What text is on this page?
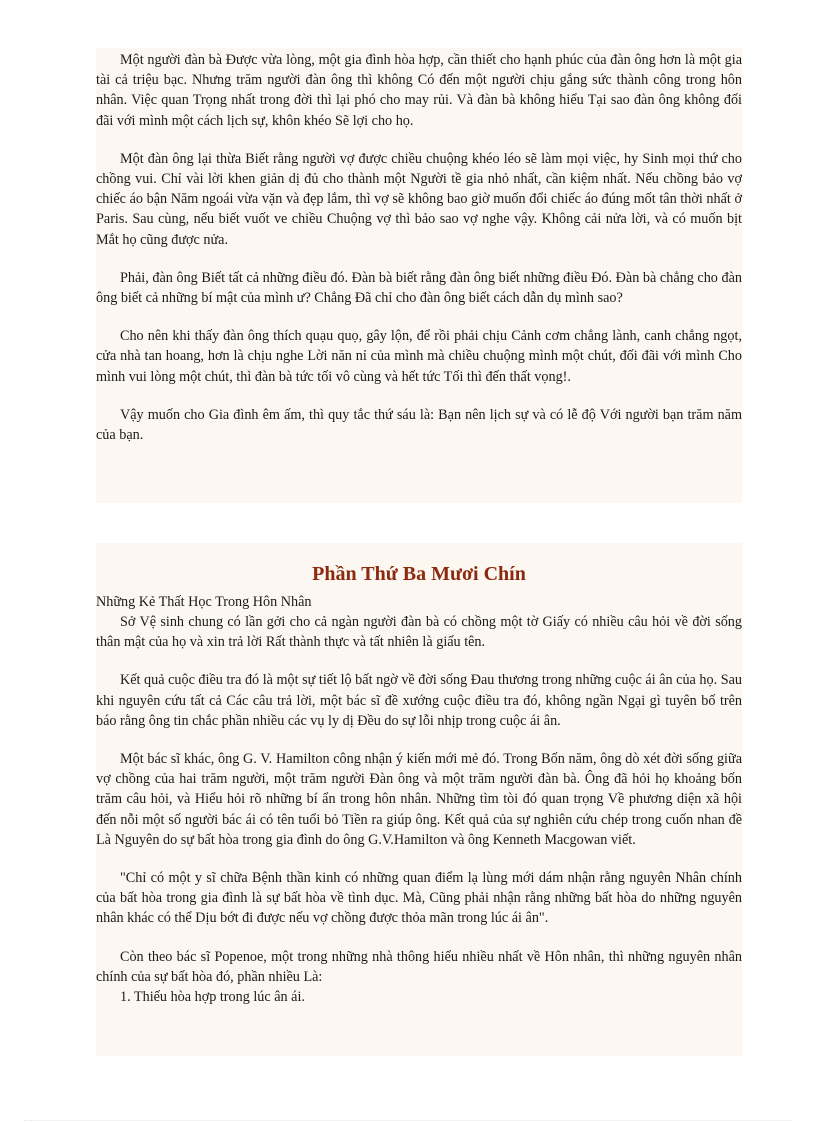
Một người đàn bà Được vừa lòng, một gia đình hòa hợp, cần thiết cho hạnh phúc của đàn ông hơn là một gia tài cả triệu bạc. Nhưng trăm người đàn ông thì không Có đến một người chịu gắng sức thành công trong hôn nhân. Việc quan Trọng nhất trong đời thì lại phó cho may rủi. Và đàn bà không hiểu Tại sao đàn ông không đối đãi với mình một cách lịch sự, khôn khéo Sẽ lợi cho họ.

Một đàn ông lại thừa Biết rằng người vợ được chiều chuộng khéo léo sẽ làm mọi việc, hy Sinh mọi thứ cho chồng vui. Chỉ vài lời khen giản dị đủ cho thành một Người tề gia nhỏ nhất, cần kiệm nhất. Nếu chồng bảo vợ chiếc áo bận Năm ngoái vừa vặn và đẹp lắm, thì vợ sẽ không bao giờ muốn đổi chiếc áo đúng mốt tân thời nhất ở Paris. Sau cùng, nếu biết vuốt ve chiều Chuộng vợ thì bảo sao vợ nghe vậy. Không cải nửa lời, và có muốn bịt Mắt họ cũng được nửa.

Phải, đàn ông Biết tất cả những điều đó. Đàn bà biết rằng đàn ông biết những điều Đó. Đàn bà chẳng cho đàn ông biết cả những bí mật của mình ư? Chẳng Đã chỉ cho đàn ông biết cách dẫn dụ mình sao?

Cho nên khi thấy đàn ông thích quạu quọ, gây lộn, để rồi phải chịu Cảnh cơm chẳng lành, canh chẳng ngọt, cửa nhà tan hoang, hơn là chịu nghe Lời năn nỉ của mình mà chiều chuộng mình một chút, đối đãi với mình Cho mình vui lòng một chút, thì đàn bà tức tối vô cùng và hết tức Tối thì đến thất vọng!.

Vậy muốn cho Gia đình êm ấm, thì quy tắc thứ sáu là: Bạn nên lịch sự và có lễ độ Với người bạn trăm năm của bạn.

Phần Thứ Ba Mươi Chín

Những Kẻ Thất Học Trong Hôn Nhân

Sở Vệ sinh chung có lần gởi cho cả ngàn người đàn bà có chồng một tờ Giấy có nhiều câu hỏi về đời sống thân mật của họ và xin trả lời Rất thành thực và tất nhiên là giấu tên.

Kết quả cuộc điều tra đó là một sự tiết lộ bất ngờ về đời sống Đau thương trong những cuộc ái ân của họ. Sau khi nguyên cứu tất cả Các câu trả lời, một bác sĩ đề xướng cuộc điều tra đó, không ngần Ngại gì tuyên bố trên báo rằng ông tin chắc phần nhiều các vụ ly dị Đều do sự lỗi nhịp trong cuộc ái ân.

Một bác sĩ khác, ông G. V. Hamilton công nhận ý kiến mới mẻ đó. Trong Bốn năm, ông dò xét đời sống giữa vợ chồng của hai trăm người, một trăm người Đàn ông và một trăm người đàn bà. Ông đã hỏi họ khoảng bốn trăm câu hỏi, và Hiểu hỏi rõ những bí ẩn trong hôn nhân. Những tìm tòi đó quan trọng Về phương diện xã hội đến nỗi một số người bác ái có tên tuổi bỏ Tiền ra giúp ông. Kết quả của sự nghiên cứu chép trong cuốn nhan đề Là Nguyên do sự bất hòa trong gia đình do ông G.V.Hamilton và ông Kenneth Macgowan viết.

"Chỉ có một y sĩ chữa Bệnh thần kinh có những quan điểm lạ lùng mới dám nhận rằng nguyên Nhân chính của bất hòa trong gia đình là sự bất hòa về tình dục. Mà, Cũng phải nhận rằng những bất hòa do những nguyên nhân khác có thể Dịu bớt đi được nếu vợ chồng được thỏa mãn trong lúc ái ân".

Còn theo bác sĩ Popenoe, một trong những nhà thông hiểu nhiều nhất về Hôn nhân, thì những nguyên nhân chính của sự bất hòa đó, phần nhiều Là:

1. Thiếu hòa hợp trong lúc ân ái.
